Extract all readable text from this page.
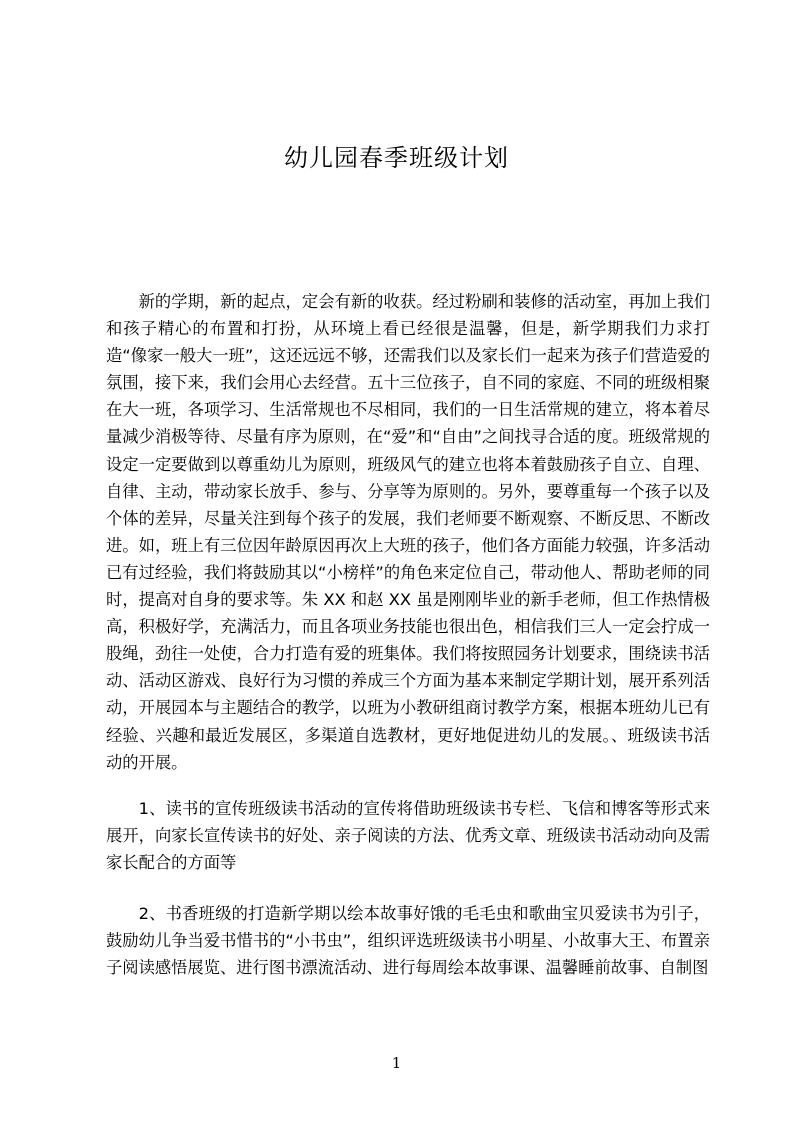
幼儿园春季班级计划

新的学期，新的起点，定会有新的收获。经过粉刷和装修的活动室，再加上我们和孩子精心的布置和打扮，从环境上看已经很是温馨，但是，新学期我们力求打造“像家一般大一班”，这还远远不够，还需我们以及家长们一起来为孩子们营造爱的氛围，接下来，我们会用心去经营。五十三位孩子，自不同的家庭、不同的班级相聚在大一班，各项学习、生活常规也不尽相同，我们的一日生活常规的建立，将本着尽量减少消极等待、尽量有序为原则，在“爱”和“自由”之间找寻合适的度。班级常规的设定一定要做到以尊重幼儿为原则，班级风气的建立也将本着鼓励孩子自立、自理、自律、主动，带动家长放手、参与、分享等为原则的。另外，要尊重每一个孩子以及个体的差异，尽量关注到每个孩子的发展，我们老师要不断观察、不断反思、不断改进。如，班上有三位因年龄原因再次上大班的孩子，他们各方面能力较强，许多活动已有过经验，我们将鼓励其以“小榜样”的角色来定位自己，带动他人、帮助老师的同时，提高对自身的要求等。朱 XX 和赵 XX 虽是刚刚毕业的新手老师，但工作热情极高，积极好学，充满活力，而且各项业务技能也很出色，相信我们三人一定会拧成一股绳，劲往一处使，合力打造有爱的班集体。我们将按照园务计划要求，围绕读书活动、活动区游戏、良好行为习惯的养成三个方面为基本来制定学期计划，展开系列活动，开展园本与主题结合的教学，以班为小教研组商讨教学方案，根据本班幼儿已有经验、兴趣和最近发展区，多渠道自选教材，更好地促进幼儿的发展。、班级读书活动的开展。

1、读书的宣传班级读书活动的宣传将借助班级读书专栏、飞信和博客等形式来展开，向家长宣传读书的好处、亲子阅读的方法、优秀文章、班级读书活动动向及需家长配合的方面等

2、书香班级的打造新学期以绘本故事好饿的毛毛虫和歌曲宝贝爱读书为引子，鼓励幼儿争当爱书惜书的“小书虫”，组织评选班级读书小明星、小故事大王、布置亲子阅读感悟展览、进行图书漂流活动、进行每周绘本故事课、温馨睡前故事、自制图

1
